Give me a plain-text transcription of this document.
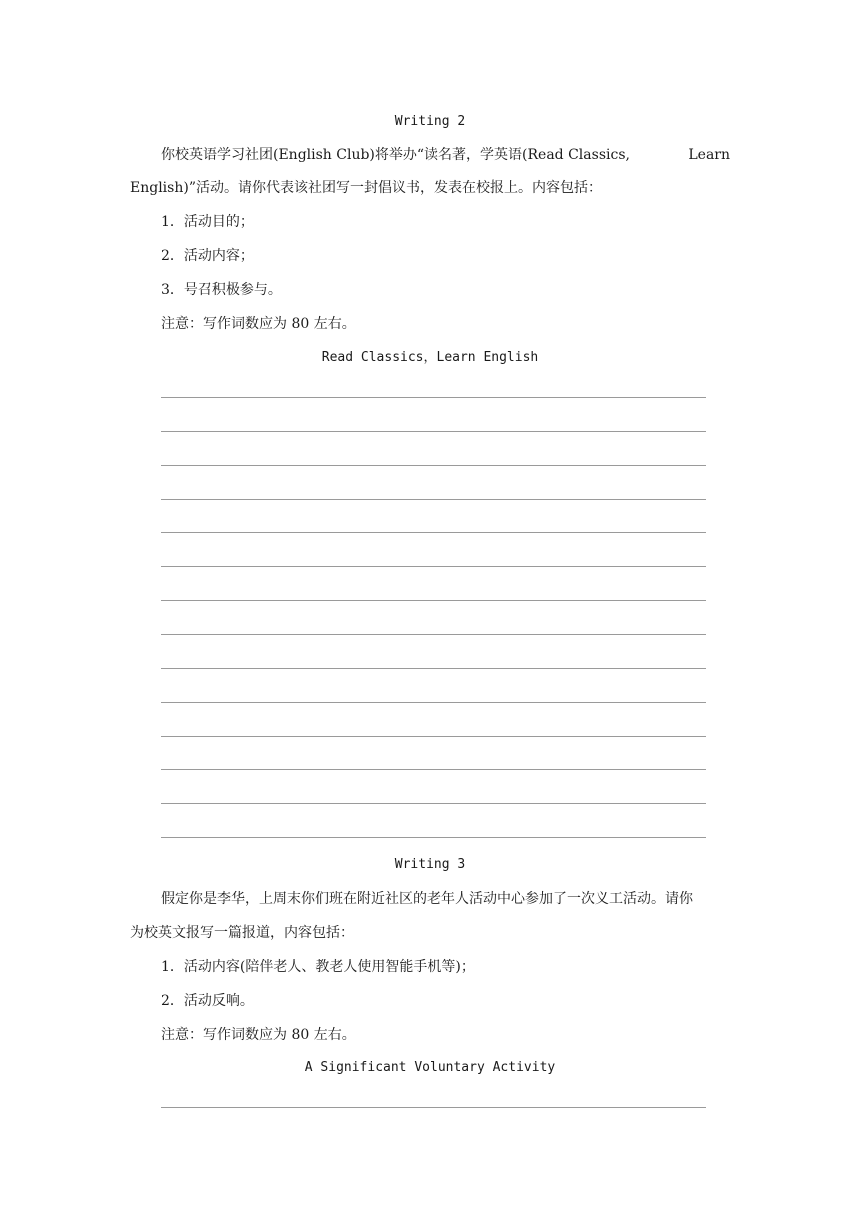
Writing 2
你校英语学习社团(English Club)将举办“读名著，学英语(Read Classics,	Learn
English)”活动。请你代表该社团写一封倡议书，发表在校报上。内容包括：
1．活动目的；
2．活动内容；
3．号召积极参与。
注意：写作词数应为 80 左右。
Read Classics，Learn English
Writing 3
假定你是李华，上周末你们班在附近社区的老年人活动中心参加了一次义工活动。请你
为校英文报写一篇报道，内容包括：
1．活动内容(陪伴老人、教老人使用智能手机等)；
2．活动反响。
注意：写作词数应为 80 左右。
A Significant Voluntary Activity
